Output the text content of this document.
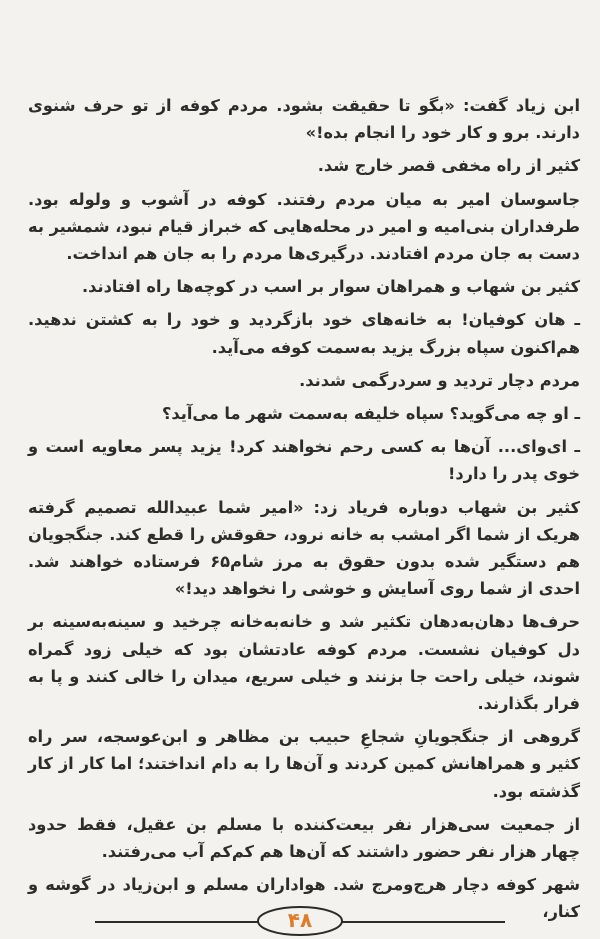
ابن زیاد گفت: «بگو تا حقیقت بشود. مردم کوفه از تو حرف شنوی دارند. برو و کار خود را انجام بده!»

کثیر از راه مخفی قصر خارج شد.

جاسوسان امیر به میان مردم رفتند. کوفه در آشوب و ولوله بود. طرفداران بنی‌امیه و امیر در محله‌هایی که خبراز قیام نبود، شمشیر به دست به جان مردم افتادند. درگیری‌ها مردم را به جان هم انداخت.

کثیر بن شهاب و همراهان سوار بر اسب در کوچه‌ها راه افتادند.

ـ هان کوفیان! به خانه‌های خود بازگردید و خود را به کشتن ندهید. هم‌اکنون سپاه بزرگ یزید به‌سمت کوفه می‌آید.

مردم دچار تردید و سردرگمی شدند.

ـ او چه می‌گوید؟ سپاه خلیفه به‌سمت شهر ما می‌آید؟

ـ ای‌وای... آن‌ها به کسی رحم نخواهند کرد! یزید پسر معاویه است و خوی پدر را دارد!

کثیر بن شهاب دوباره فریاد زد: «امیر شما عبیدالله تصمیم گرفته هریک از شما اگر امشب به خانه نرود، حقوقش را قطع کند. جنگجویان هم دستگیر شده بدون حقوق به مرز شام۶۵ فرستاده خواهند شد. احدی از شما روی آسایش و خوشی را نخواهد دید!»

حرف‌ها دهان‌به‌دهان تکثیر شد و خانه‌به‌خانه چرخید و سینه‌به‌سینه بر دل کوفیان نشست. مردم کوفه عادتشان بود که خیلی زود گمراه شوند، خیلی راحت جا بزنند و خیلی سریع، میدان را خالی کنند و پا به فرار بگذارند.

گروهی از جنگجویانِ شجاعِ حبیب بن مظاهر و ابن‌عوسجه، سر راه کثیر و همراهانش کمین کردند و آن‌ها را به دام انداختند؛ اما کار از کار گذشته بود.

از جمعیت سی‌هزار نفر بیعت‌کننده با مسلم بن عقیل، فقط حدود چهار هزار نفر حضور داشتند که آن‌ها هم کم‌کم آب می‌رفتند.

شهر کوفه دچار هرج‌ومرج شد. هواداران مسلم و ابن‌زیاد در گوشه و کنار،

۴۸
